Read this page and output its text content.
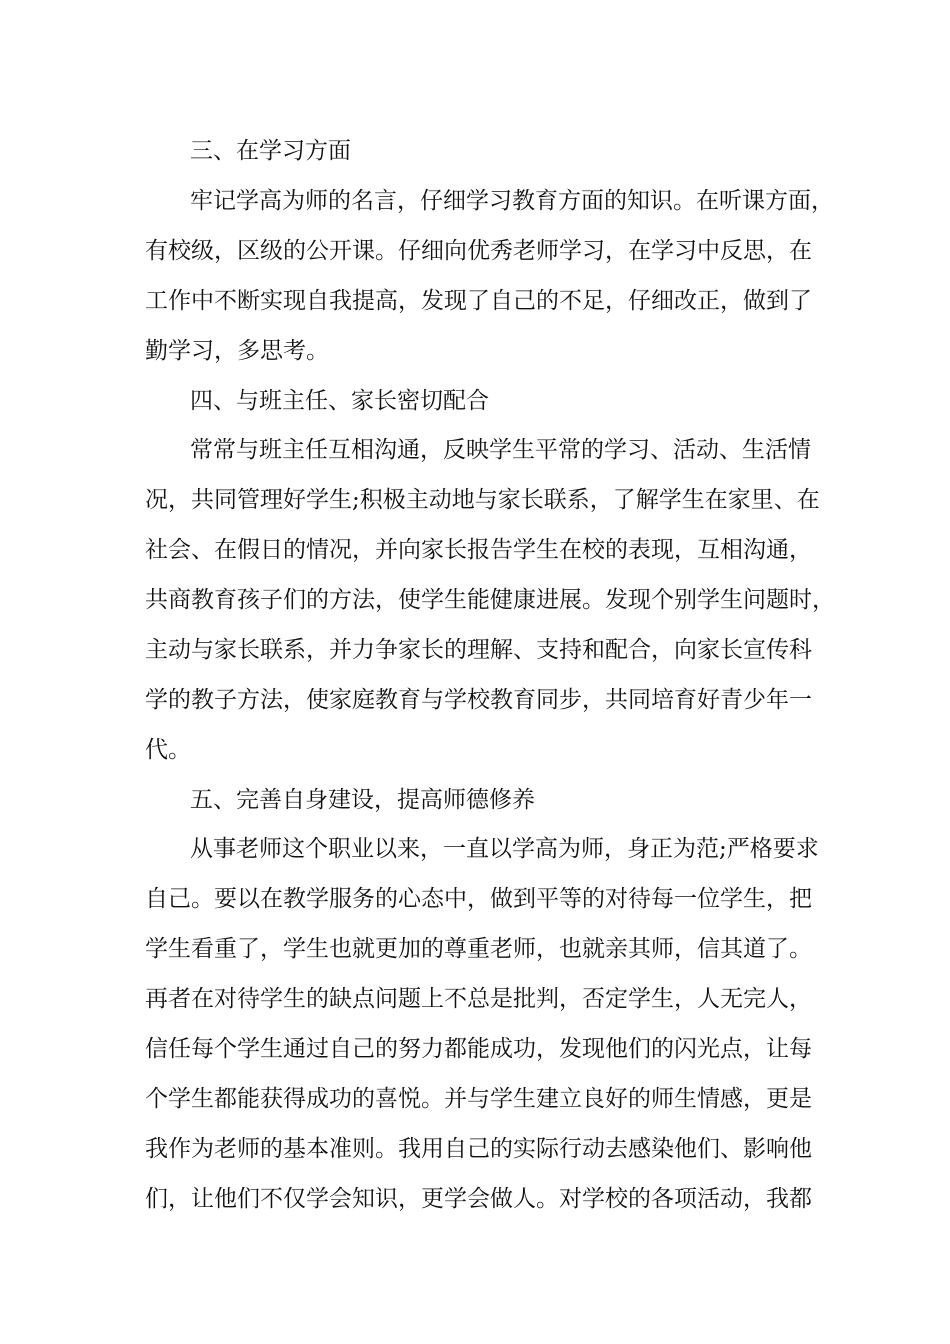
三、在学习方面
牢记学高为师的名言，仔细学习教育方面的知识。在听课方面，
有校级，区级的公开课。仔细向优秀老师学习，在学习中反思，在
工作中不断实现自我提高，发现了自己的不足，仔细改正，做到了
勤学习，多思考。
四、与班主任、家长密切配合
常常与班主任互相沟通，反映学生平常的学习、活动、生活情
况，共同管理好学生;积极主动地与家长联系，了解学生在家里、在
社会、在假日的情况，并向家长报告学生在校的表现，互相沟通，
共商教育孩子们的方法，使学生能健康进展。发现个别学生问题时，
主动与家长联系，并力争家长的理解、支持和配合，向家长宣传科
学的教子方法，使家庭教育与学校教育同步，共同培育好青少年一
代。
五、完善自身建设，提高师德修养
从事老师这个职业以来，一直以学高为师，身正为范;严格要求
自己。要以在教学服务的心态中，做到平等的对待每一位学生，把
学生看重了，学生也就更加的尊重老师，也就亲其师，信其道了。
再者在对待学生的缺点问题上不总是批判，否定学生，人无完人，
信任每个学生通过自己的努力都能成功，发现他们的闪光点，让每
个学生都能获得成功的喜悦。并与学生建立良好的师生情感，更是
我作为老师的基本准则。我用自己的实际行动去感染他们、影响他
们，让他们不仅学会知识，更学会做人。对学校的各项活动，我都
